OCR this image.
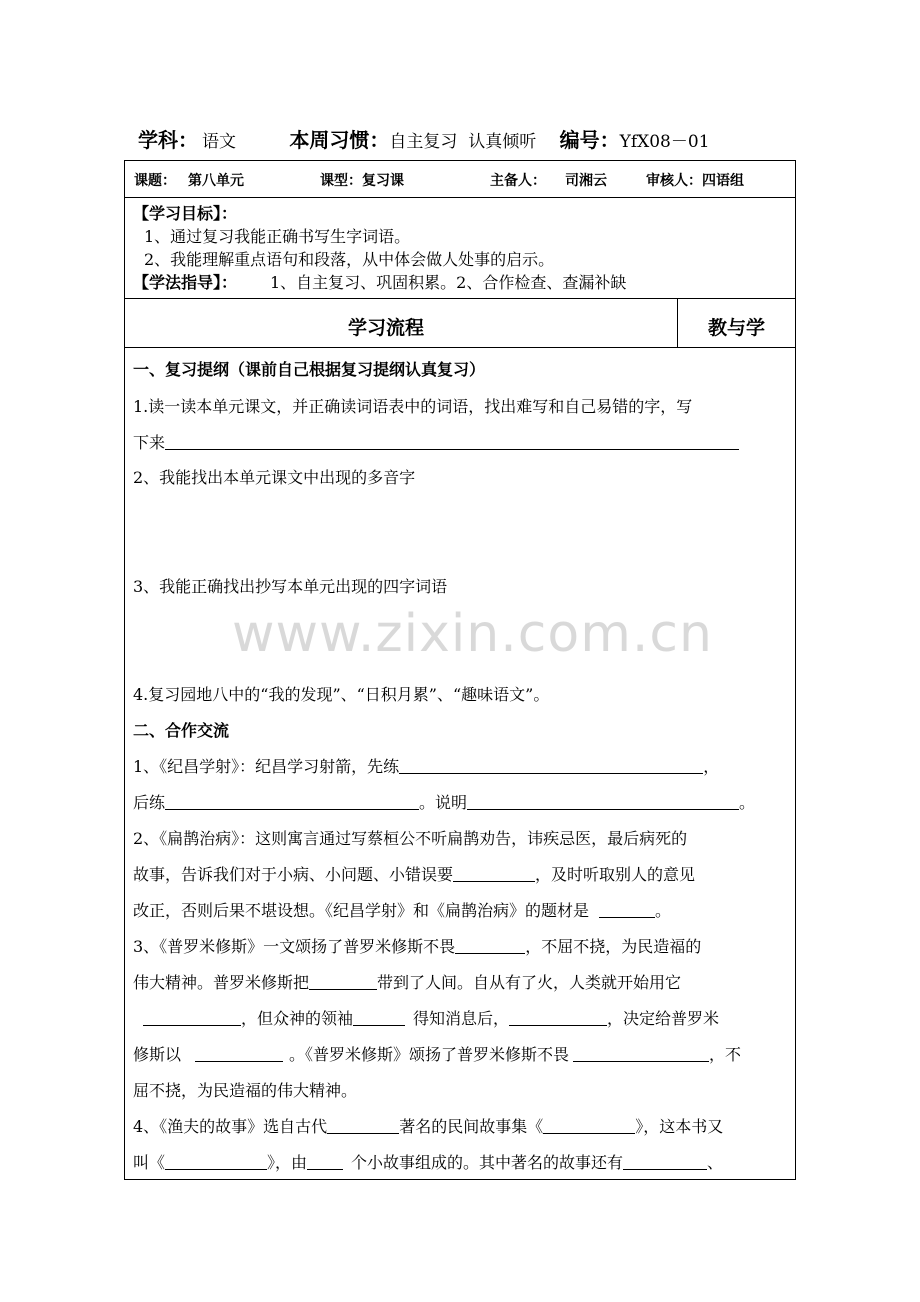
学科： 语文	本周习惯：自主复习  认真倾听 编号：YfX08－01
课题： 第八单元	课型：复习课	主备人： 司湘云	审核人：四语组
【学习目标】：
1、通过复习我能正确书写生字词语。
2、我能理解重点语句和段落，从中体会做人处事的启示。
【学法指导】： 1、自主复习、巩固积累。2、合作检查、查漏补缺
学习流程	教与学
一、复习提纲（课前自己根据复习提纲认真复习）
1.读一读本单元课文，并正确读词语表中的词语，找出难写和自己易错的字，写
下来
2、我能找出本单元课文中出现的多音字
3、我能正确找出抄写本单元出现的四字词语
www.zixin.com.cn
4.复习园地八中的“我的发现”、“日积月累”、“趣味语文”。
二、合作交流
1、《纪昌学射》：纪昌学习射箭，先练	，
后练	。说明	。
2、《扁鹊治病》：这则寓言通过写蔡桓公不听扁鹊劝告，讳疾忌医，最后病死的
故事，告诉我们对于小病、小问题、小错误要	，及时听取别人的意见
改正，否则后果不堪设想。《纪昌学射》和《扁鹊治病》的题材是	。
3、《普罗米修斯》一文颂扬了普罗米修斯不畏	，不屈不挠，为民造福的
伟大精神。普罗米修斯把	带到了人间。自从有了火，人类就开始用它
，但众神的领袖	得知消息后，	，决定给普罗米
修斯以	。《普罗米修斯》颂扬了普罗米修斯不畏	，不
屈不挠，为民造福的伟大精神。
4、《渔夫的故事》选自古代	著名的民间故事集《	》，这本书又
叫《	》，由	个小故事组成的。其中著名的故事还有	、
